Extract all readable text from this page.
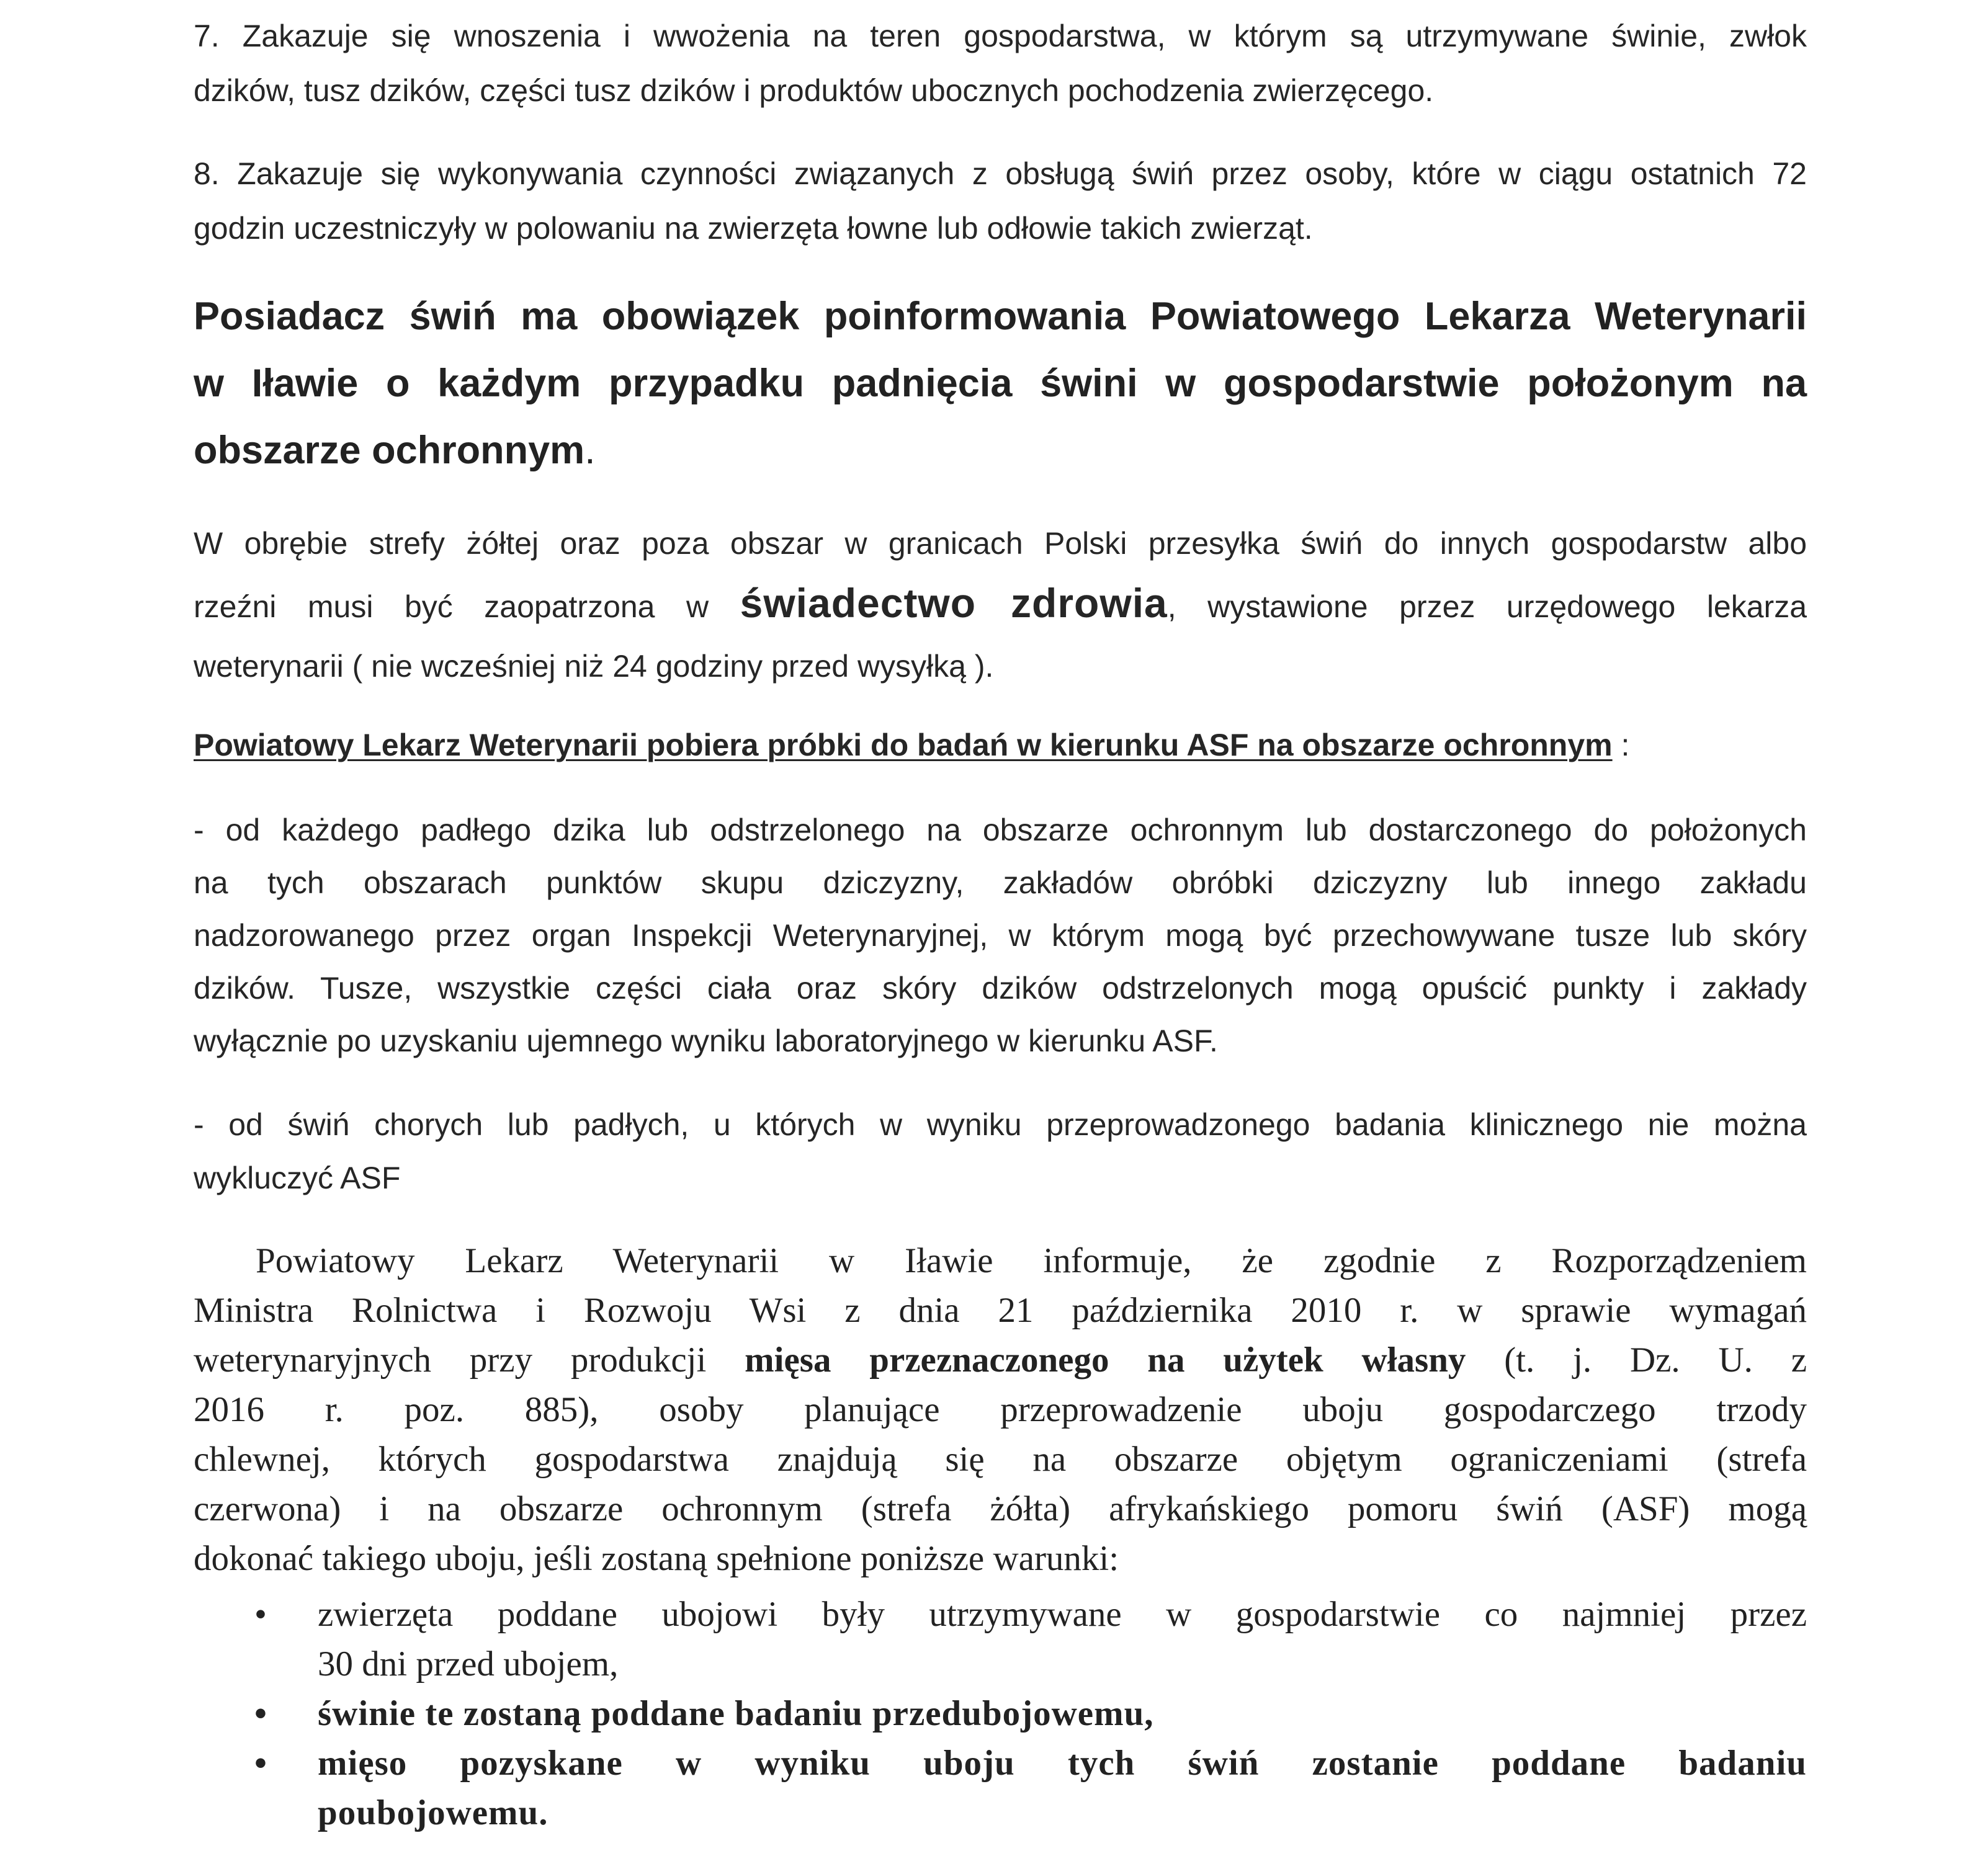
7. Zakazuje się wnoszenia i wwożenia na teren gospodarstwa, w którym są utrzymywane świnie, zwłok
dzików, tusz dzików, części tusz dzików i produktów ubocznych pochodzenia zwierzęcego.
8. Zakazuje się wykonywania czynności związanych z obsługą świń przez osoby, które w ciągu ostatnich 72
godzin uczestniczyły w polowaniu na zwierzęta łowne lub odłowie takich zwierząt.
Posiadacz świń ma obowiązek poinformowania Powiatowego Lekarza Weterynarii
w Iławie o każdym przypadku padnięcia świni w gospodarstwie położonym na
obszarze ochronnym.
W obrębie strefy żółtej oraz poza obszar w granicach Polski przesyłka świń do innych gospodarstw albo
rzeźni musi być zaopatrzona w świadectwo zdrowia, wystawione przez urzędowego lekarza
weterynarii ( nie wcześniej niż 24 godziny przed wysyłką ).
Powiatowy Lekarz Weterynarii pobiera próbki do badań w kierunku ASF na obszarze ochronnym :
- od każdego padłego dzika lub odstrzelonego na obszarze ochronnym lub dostarczonego do położonych
na tych obszarach punktów skupu dziczyzny, zakładów obróbki dziczyzny lub innego zakładu
nadzorowanego przez organ Inspekcji Weterynaryjnej, w którym mogą być przechowywane tusze lub skóry
dzików. Tusze, wszystkie części ciała oraz skóry dzików odstrzelonych mogą opuścić punkty i zakłady
wyłącznie po uzyskaniu ujemnego wyniku laboratoryjnego w kierunku ASF.
- od świń chorych lub padłych, u których w wyniku przeprowadzonego badania klinicznego nie można
wykluczyć ASF
Powiatowy Lekarz Weterynarii w Iławie informuje, że zgodnie z Rozporządzeniem
Ministra Rolnictwa i Rozwoju Wsi z dnia 21 października 2010 r. w sprawie wymagań
weterynaryjnych przy produkcji mięsa przeznaczonego na użytek własny (t. j. Dz. U. z
2016 r. poz. 885), osoby planujące przeprowadzenie uboju gospodarczego trzody
chlewnej, których gospodarstwa znajdują się na obszarze objętym ograniczeniami (strefa
czerwona) i na obszarze ochronnym (strefa żółta) afrykańskiego pomoru świń (ASF) mogą
dokonać takiego uboju, jeśli zostaną spełnione poniższe warunki:
• zwierzęta poddane ubojowi były utrzymywane w gospodarstwie co najmniej przez
30 dni przed ubojem,
• świnie te zostaną poddane badaniu przedubojowemu,
• mięso pozyskane w wyniku uboju tych świń zostanie poddane badaniu
poubojowemu.
